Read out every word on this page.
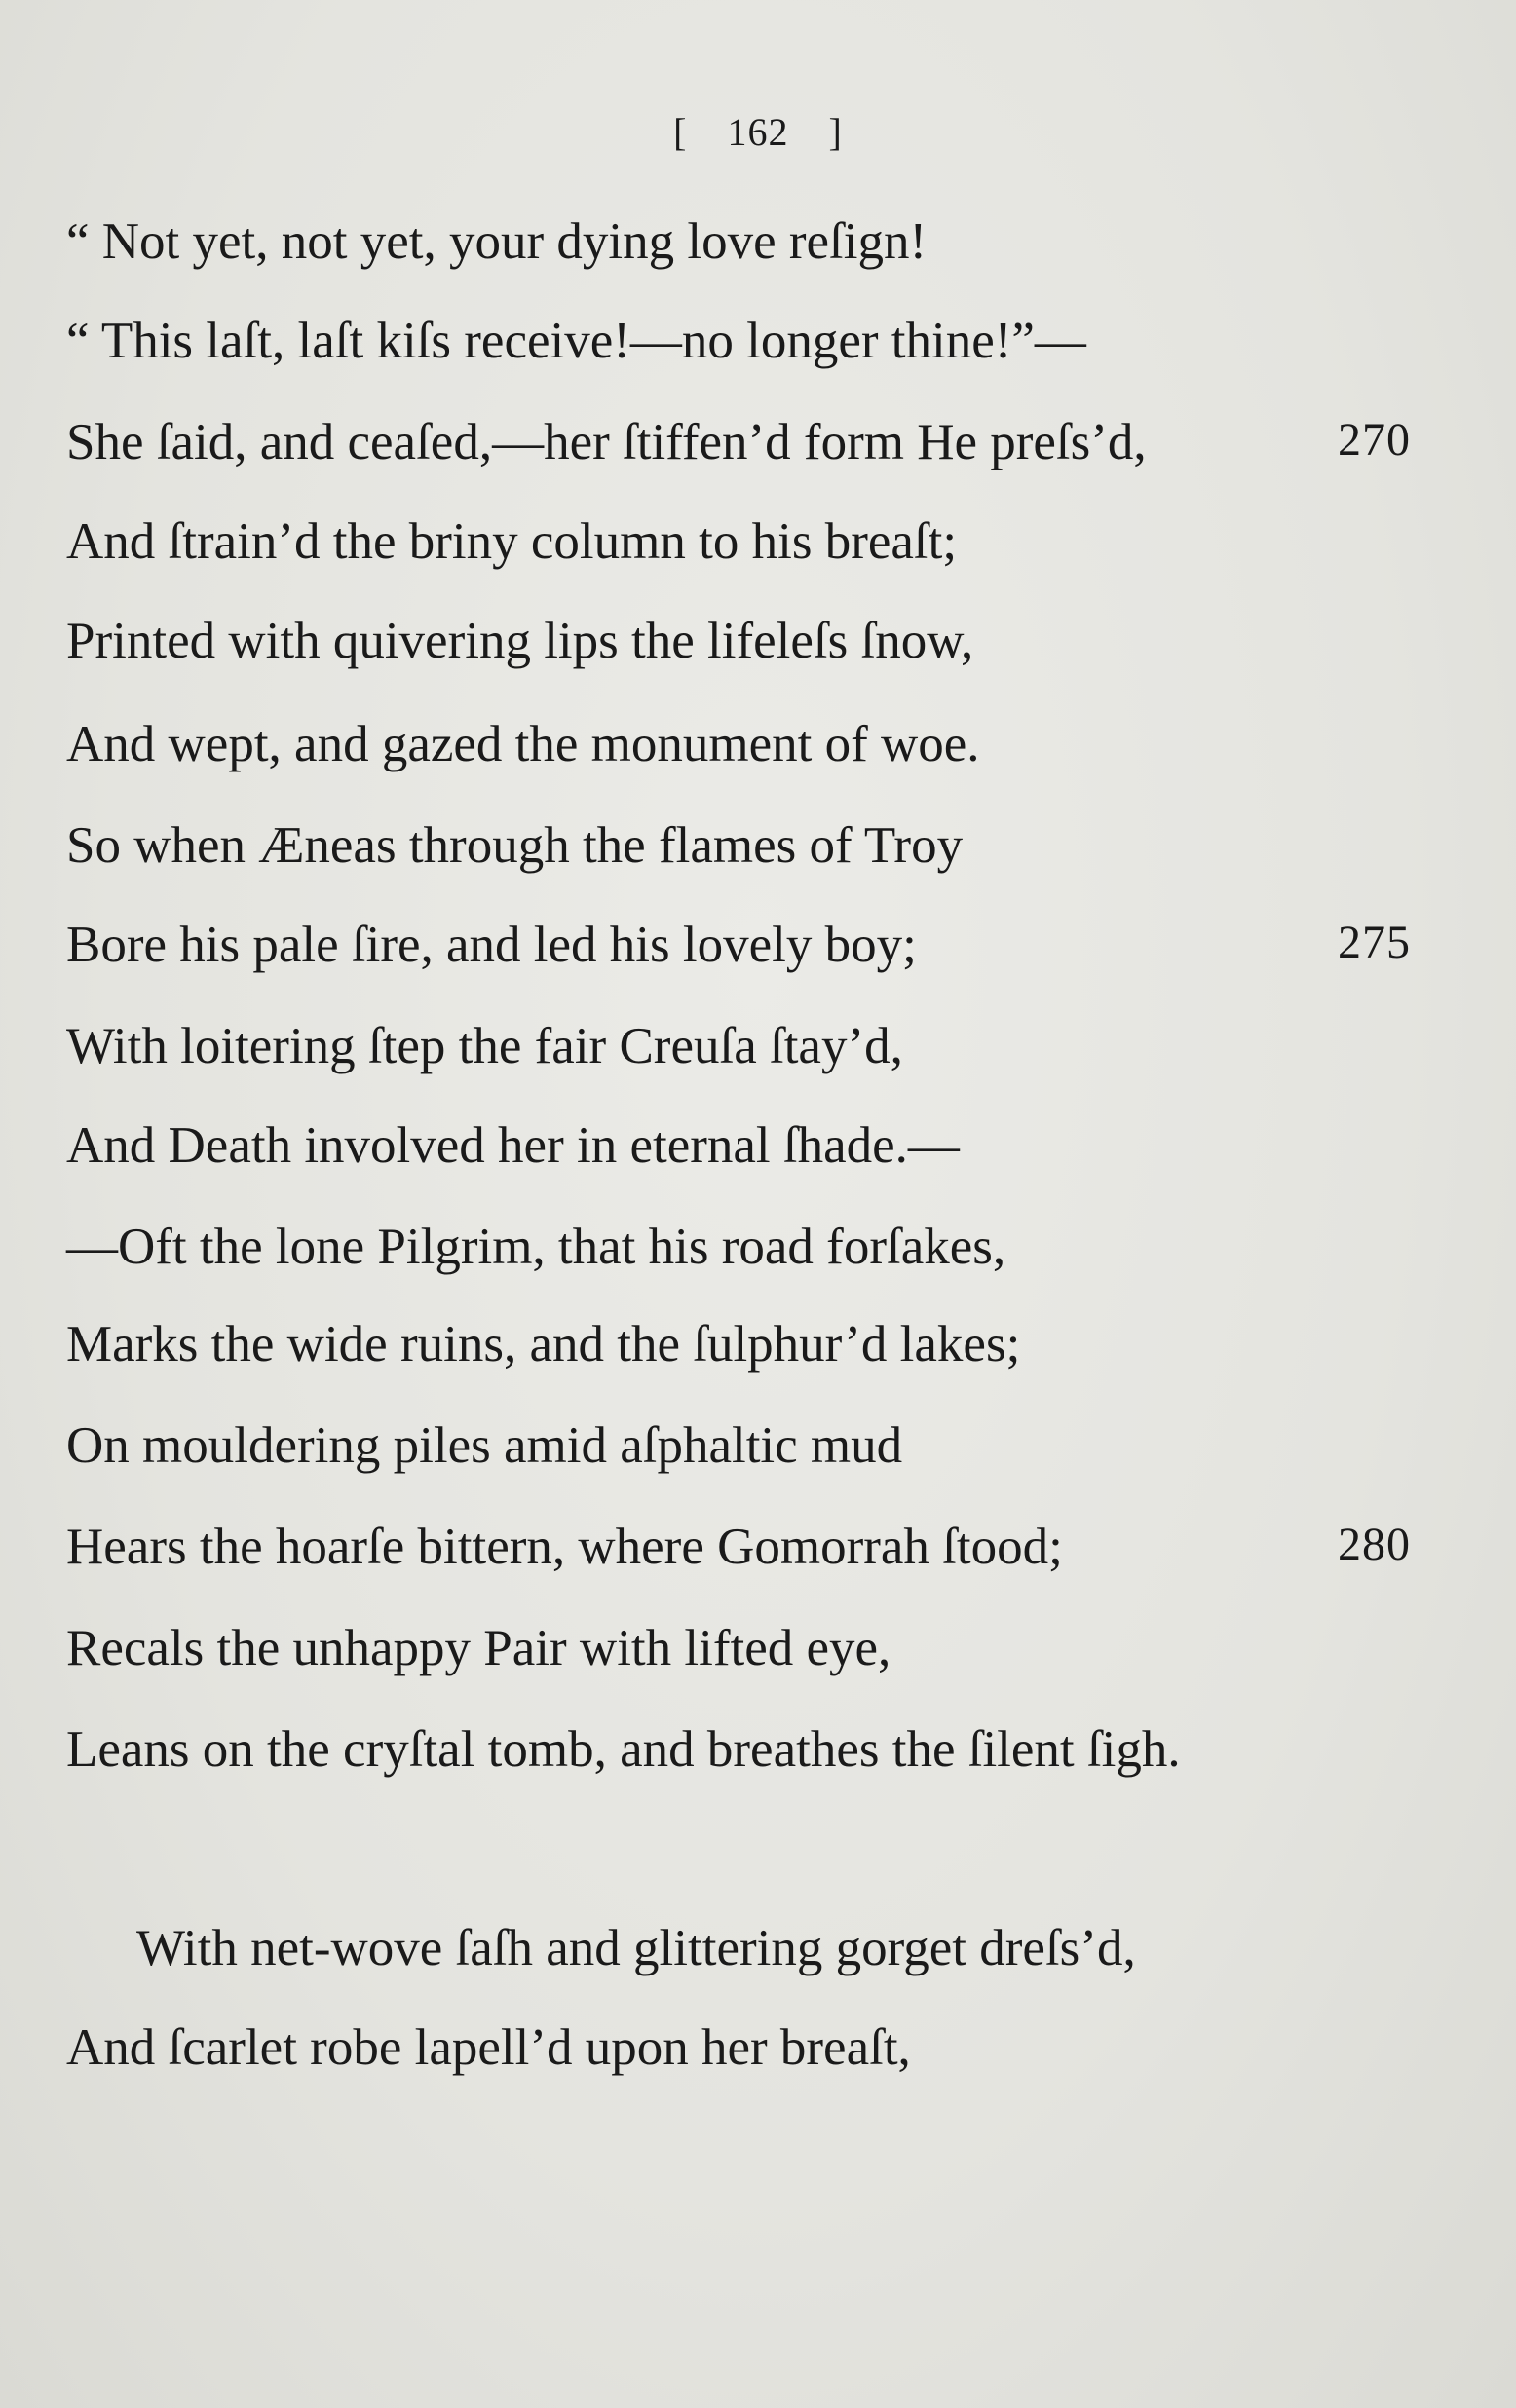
[ 162 ]
“ Not yet, not yet, your dying love reſign!
“ This laſt, laſt kiſs receive!—no longer thine!”—
She ſaid, and ceaſed,—her ſtiffen’d form He preſs’d,	270
And ſtrain’d the briny column to his breaſt;
Printed with quivering lips the lifeleſs ſnow,
And wept, and gazed the monument of woe.
So when Æneas through the flames of Troy
Bore his pale ſire, and led his lovely boy;	275
With loitering ſtep the fair Creuſa ſtay’d,
And Death involved her in eternal ſhade.—
—Oft the lone Pilgrim, that his road forſakes,
Marks the wide ruins, and the ſulphur’d lakes;
On mouldering piles amid aſphaltic mud
Hears the hoarſe bittern, where Gomorrah ſtood;	280
Recals the unhappy Pair with lifted eye,
Leans on the cryſtal tomb, and breathes the ſilent ſigh.
With net-wove ſaſh and glittering gorget dreſs’d,
And ſcarlet robe lapell’d upon her breaſt,
